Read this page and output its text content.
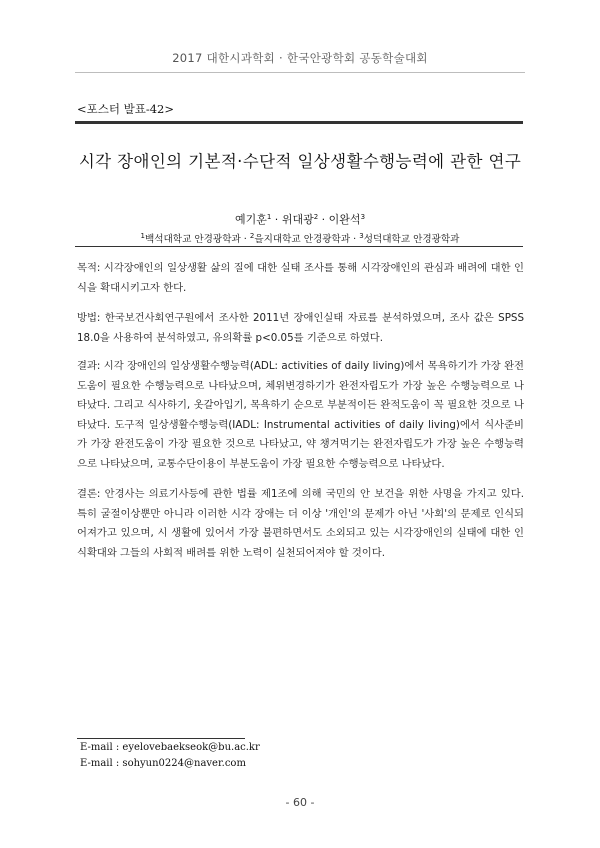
2017 대한시과학회 · 한국안광학회 공동학술대회
<포스터 발표-42>
시각 장애인의 기본적·수단적 일상생활수행능력에 관한 연구
예기훈$^1$ · 위대광$^2$ · 이완석$^3$
$^1$백석대학교 안경광학과 · $^2$을지대학교 안경광학과 · $^3$성덕대학교 안경광학과
목적: 시각장애인의 일상생활 삶의 질에 대한 실태 조사를 통해 시각장애인의 관심과 배려에 대한 인식을 확대시키고자 한다.
방법: 한국보건사회연구원에서 조사한 2011년 장애인실태 자료를 분석하였으며, 조사 값은 SPSS 18.0을 사용하여 분석하였고, 유의확률 p<0.05를 기준으로 하였다.
결과: 시각 장애인의 일상생활수행능력(ADL: activities of daily living)에서 목욕하기가 가장 완전도움이 필요한 수행능력으로 나타났으며, 체위변경하기가 완전자립도가 가장 높은 수행능력으로 나타났다. 그리고 식사하기, 옷갈아입기, 목욕하기 순으로 부분적이든 완적도움이 꼭 필요한 것으로 나타났다. 도구적 일상생활수행능력(IADL: Instrumental activities of daily living)에서 식사준비가 가장 완전도움이 가장 필요한 것으로 나타났고, 약 챙겨먹기는 완전자립도가 가장 높은 수행능력으로 나타났으며, 교통수단이용이 부분도움이 가장 필요한 수행능력으로 나타났다.
결론: 안경사는 의료기사등에 관한 법률 제1조에 의해 국민의 안 보건을 위한 사명을 가지고 있다. 특히 굴절이상뿐만 아니라 이러한 시각 장애는 더 이상 '개인'의 문제가 아닌 '사회'의 문제로 인식되어져가고 있으며, 시 생활에 있어서 가장 불편하면서도 소외되고 있는 시각장애인의 실태에 대한 인식확대와 그들의 사회적 배려를 위한 노력이 실천되어져야 할 것이다.
E-mail : eyelovebaekseok@bu.ac.kr
E-mail : sohyun0224@naver.com
- 60 -
